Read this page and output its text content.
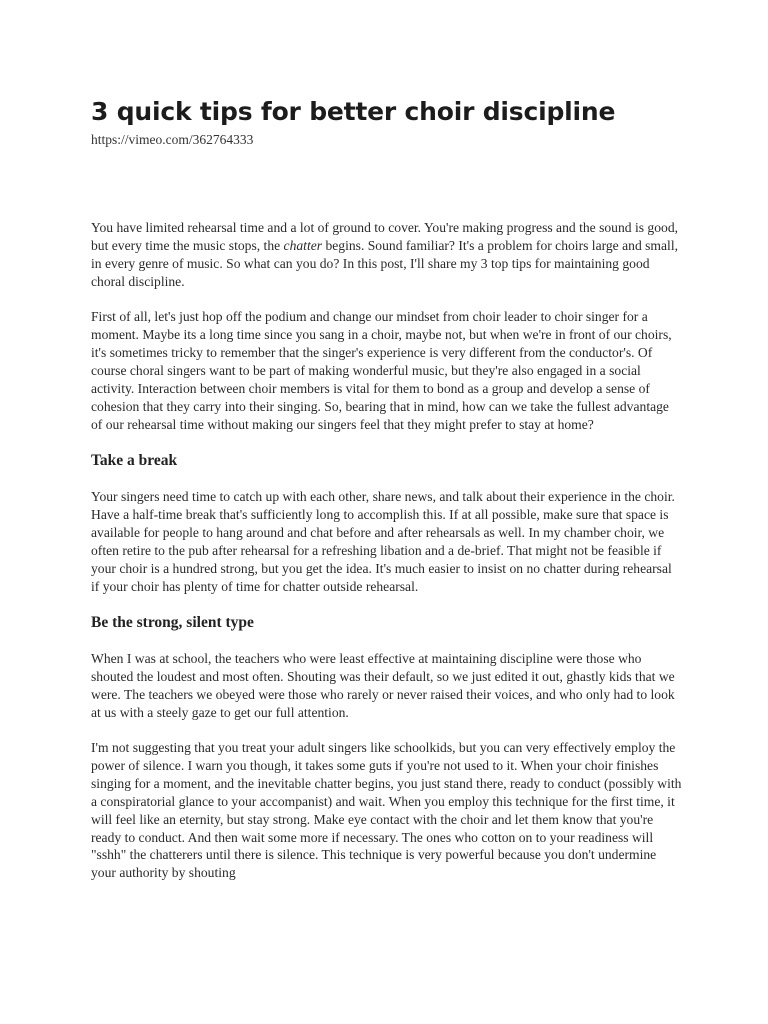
3 quick tips for better choir discipline
https://vimeo.com/362764333

You have limited rehearsal time and a lot of ground to cover. You're making progress and the sound is good, but every time the music stops, the chatter begins. Sound familiar? It's a problem for choirs large and small, in every genre of music. So what can you do? In this post, I'll share my 3 top tips for maintaining good choral discipline.

First of all, let's just hop off the podium and change our mindset from choir leader to choir singer for a moment. Maybe its a long time since you sang in a choir, maybe not, but when we're in front of our choirs, it's sometimes tricky to remember that the singer's experience is very different from the conductor's. Of course choral singers want to be part of making wonderful music, but they're also engaged in a social activity. Interaction between choir members is vital for them to bond as a group and develop a sense of cohesion that they carry into their singing. So, bearing that in mind, how can we take the fullest advantage of our rehearsal time without making our singers feel that they might prefer to stay at home?

Take a break

Your singers need time to catch up with each other, share news, and talk about their experience in the choir. Have a half-time break that's sufficiently long to accomplish this. If at all possible, make sure that space is available for people to hang around and chat before and after rehearsals as well. In my chamber choir, we often retire to the pub after rehearsal for a refreshing libation and a de-brief. That might not be feasible if your choir is a hundred strong, but you get the idea. It's much easier to insist on no chatter during rehearsal if your choir has plenty of time for chatter outside rehearsal.

Be the strong, silent type

When I was at school, the teachers who were least effective at maintaining discipline were those who shouted the loudest and most often. Shouting was their default, so we just edited it out, ghastly kids that we were. The teachers we obeyed were those who rarely or never raised their voices, and who only had to look at us with a steely gaze to get our full attention.

I'm not suggesting that you treat your adult singers like schoolkids, but you can very effectively employ the power of silence. I warn you though, it takes some guts if you're not used to it. When your choir finishes singing for a moment, and the inevitable chatter begins, you just stand there, ready to conduct (possibly with a conspiratorial glance to your accompanist) and wait. When you employ this technique for the first time, it will feel like an eternity, but stay strong. Make eye contact with the choir and let them know that you're ready to conduct. And then wait some more if necessary. The ones who cotton on to your readiness will "sshh" the chatterers until there is silence. This technique is very powerful because you don't undermine your authority by shouting
